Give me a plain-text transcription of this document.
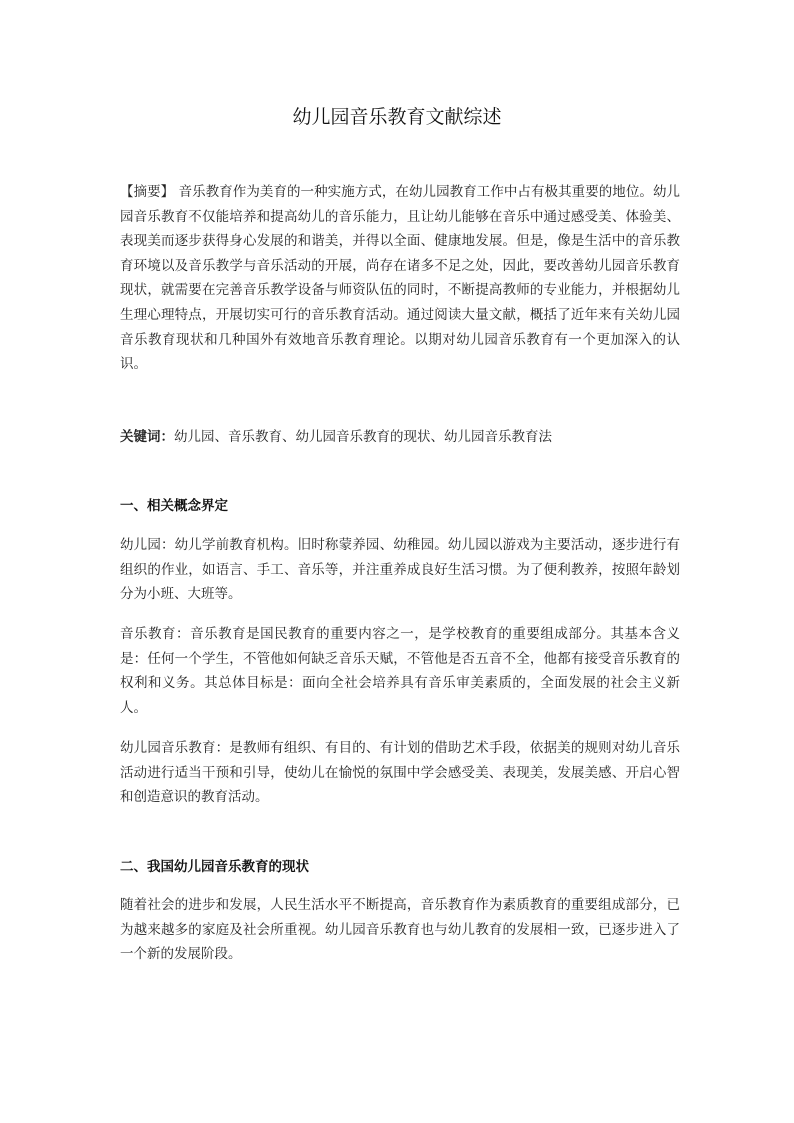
幼儿园音乐教育文献综述
【摘要】 音乐教育作为美育的一种实施方式，在幼儿园教育工作中占有极其重要的地位。幼儿园音乐教育不仅能培养和提高幼儿的音乐能力，且让幼儿能够在音乐中通过感受美、体验美、表现美而逐步获得身心发展的和谐美，并得以全面、健康地发展。但是，像是生活中的音乐教育环境以及音乐教学与音乐活动的开展，尚存在诸多不足之处，因此，要改善幼儿园音乐教育现状，就需要在完善音乐教学设备与师资队伍的同时，不断提高教师的专业能力，并根据幼儿生理心理特点，开展切实可行的音乐教育活动。通过阅读大量文献，概括了近年来有关幼儿园音乐教育现状和几种国外有效地音乐教育理论。以期对幼儿园音乐教育有一个更加深入的认识。
关键词：幼儿园、音乐教育、幼儿园音乐教育的现状、幼儿园音乐教育法
一、相关概念界定
幼儿园：幼儿学前教育机构。旧时称蒙养园、幼稚园。幼儿园以游戏为主要活动，逐步进行有组织的作业，如语言、手工、音乐等，并注重养成良好生活习惯。为了便利教养，按照年龄划分为小班、大班等。
音乐教育：音乐教育是国民教育的重要内容之一，是学校教育的重要组成部分。其基本含义是：任何一个学生，不管他如何缺乏音乐天赋，不管他是否五音不全，他都有接受音乐教育的权利和义务。其总体目标是：面向全社会培养具有音乐审美素质的，全面发展的社会主义新人。
幼儿园音乐教育：是教师有组织、有目的、有计划的借助艺术手段，依据美的规则对幼儿音乐活动进行适当干预和引导，使幼儿在愉悦的氛围中学会感受美、表现美，发展美感、开启心智和创造意识的教育活动。
二、我国幼儿园音乐教育的现状
随着社会的进步和发展，人民生活水平不断提高，音乐教育作为素质教育的重要组成部分，已为越来越多的家庭及社会所重视。幼儿园音乐教育也与幼儿教育的发展相一致，已逐步进入了一个新的发展阶段。
